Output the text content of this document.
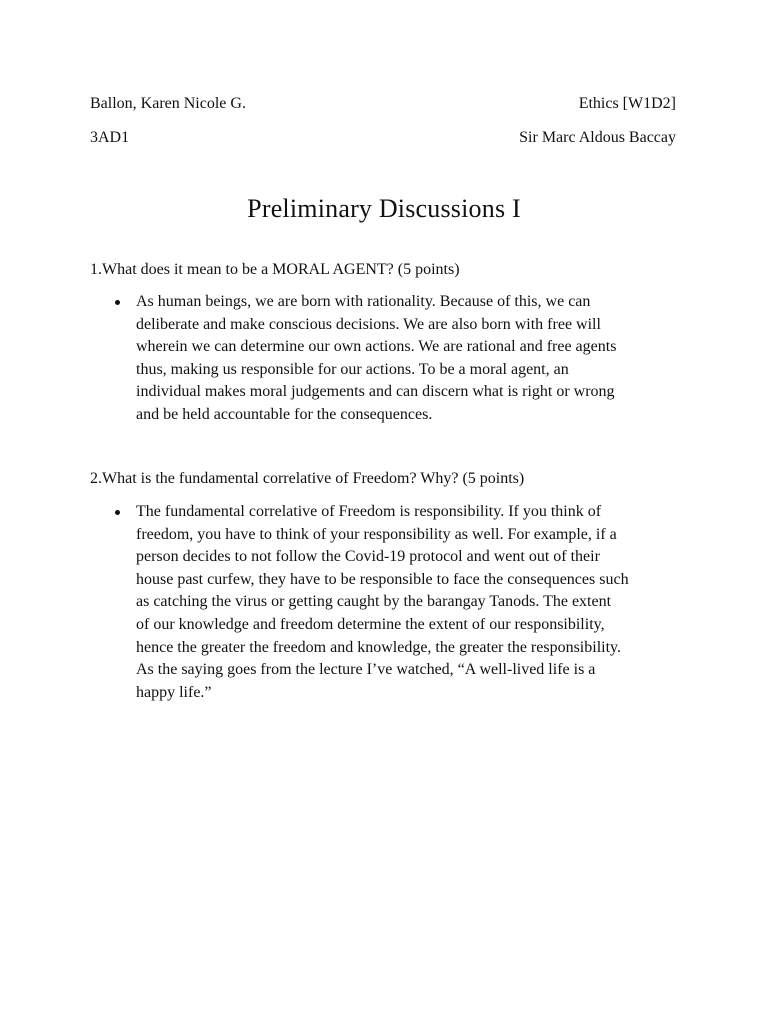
Ballon, Karen Nicole G.	Ethics [W1D2]
3AD1	Sir Marc Aldous Baccay
Preliminary Discussions I
1.What does it mean to be a MORAL AGENT? (5 points)
As human beings, we are born with rationality. Because of this, we can
deliberate and make conscious decisions. We are also born with free will
wherein we can determine our own actions. We are rational and free agents
thus, making us responsible for our actions. To be a moral agent, an
individual makes moral judgements and can discern what is right or wrong
and be held accountable for the consequences.
2.What is the fundamental correlative of Freedom? Why? (5 points)
The fundamental correlative of Freedom is responsibility. If you think of
freedom, you have to think of your responsibility as well. For example, if a
person decides to not follow the Covid-19 protocol and went out of their
house past curfew, they have to be responsible to face the consequences such
as catching the virus or getting caught by the barangay Tanods. The extent
of our knowledge and freedom determine the extent of our responsibility,
hence the greater the freedom and knowledge, the greater the responsibility.
As the saying goes from the lecture I’ve watched, “A well-lived life is a
happy life.”
